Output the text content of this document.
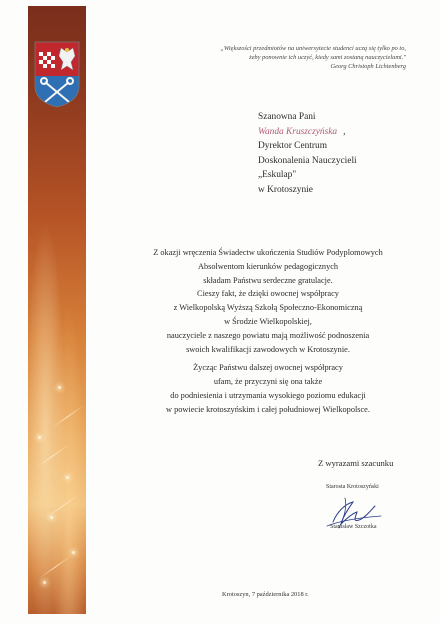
„Większości przedmiotów na uniwersytecie studenci uczą się tylko po to,
żeby ponownie ich uczyć, kiedy sami zostaną nauczycielami."
Georg Christoph Lichtenberg
Szanowna Pani
Wanda Kruszczyńska ,
Dyrektor Centrum
Doskonalenia Nauczycieli
„Eskulap"
w Krotoszynie
Z okazji wręczenia Świadectw ukończenia Studiów Podyplomowych
Absolwentom kierunków pedagogicznych
składam Państwu serdeczne gratulacje.
Cieszy fakt, że dzięki owocnej współpracy
z Wielkopolską Wyższą Szkołą Społeczno-Ekonomiczną
w Środzie Wielkopolskiej,
nauczyciele z naszego powiatu mają możliwość podnoszenia
swoich kwalifikacji zawodowych w Krotoszynie.
Życząc Państwu dalszej owocnej współpracy
ufam, że przyczyni się ona także
do podniesienia i utrzymania wysokiego poziomu edukacji
w powiecie krotoszyńskim i całej południowej Wielkopolsce.
Z wyrazami szacunku
Starosta Krotoszyński
Stanisław Szczotka
Krotoszyn, 7 października 2018 r.
